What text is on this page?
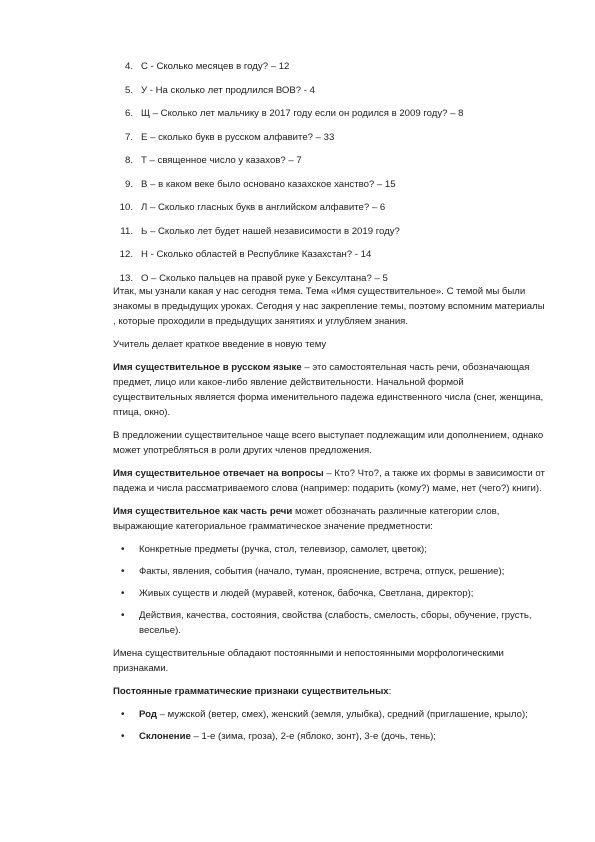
4. С - Сколько месяцев в году? – 12
5. У - На сколько лет продлился ВОВ? - 4
6. Щ – Сколько лет мальчику в 2017 году если он родился в 2009 году? – 8
7. Е – сколько букв в русском алфавите? – 33
8. Т – священное число у казахов? – 7
9. В – в каком веке было основано казахское ханство? – 15
10. Л – Сколько гласных букв в английском алфавите? – 6
11. Ь – Сколько лет будет нашей независимости в 2019 году?
12. Н - Сколько областей в Республике Казахстан? - 14
13. О – Сколько пальцев на правой руке у Бексултана? – 5

Итак, мы узнали какая у нас сегодня тема. Тема «Имя существительное». С темой мы были знакомы в предыдущих уроках. Сегодня у нас закрепление темы, поэтому вспомним материалы , которые проходили в предыдущих занятиях и углубляем знания.

Учитель делает краткое введение в новую тему

Имя существительное в русском языке – это самостоятельная часть речи, обозначающая предмет, лицо или какое-либо явление действительности. Начальной формой существительных является форма именительного падежа единственного числа (снег, женщина, птица, окно).

В предложении существительное чаще всего выступает подлежащим или дополнением, однако может употребляться в роли других членов предложения.

Имя существительное отвечает на вопросы – Кто? Что?, а также их формы в зависимости от падежа и числа рассматриваемого слова (например: подарить (кому?) маме, нет (чего?) книги).

Имя существительное как часть речи может обозначать различные категории слов, выражающие категориальное грамматическое значение предметности:

•	Конкретные предметы (ручка, стол, телевизор, самолет, цветок);
•	Факты, явления, события (начало, туман, прояснение, встреча, отпуск, решение);
•	Живых существ и людей (муравей, котенок, бабочка, Светлана, директор);
•	Действия, качества, состояния, свойства (слабость, смелость, сборы, обучение, грусть, веселье).

Имена существительные обладают постоянными и непостоянными морфологическими признаками.

Постоянные грамматические признаки существительных:

•	Род – мужской (ветер, смех), женский (земля, улыбка), средний (приглашение, крыло);
•	Склонение – 1-е (зима, гроза), 2-е (яблоко, зонт), 3-е (дочь, тень);
